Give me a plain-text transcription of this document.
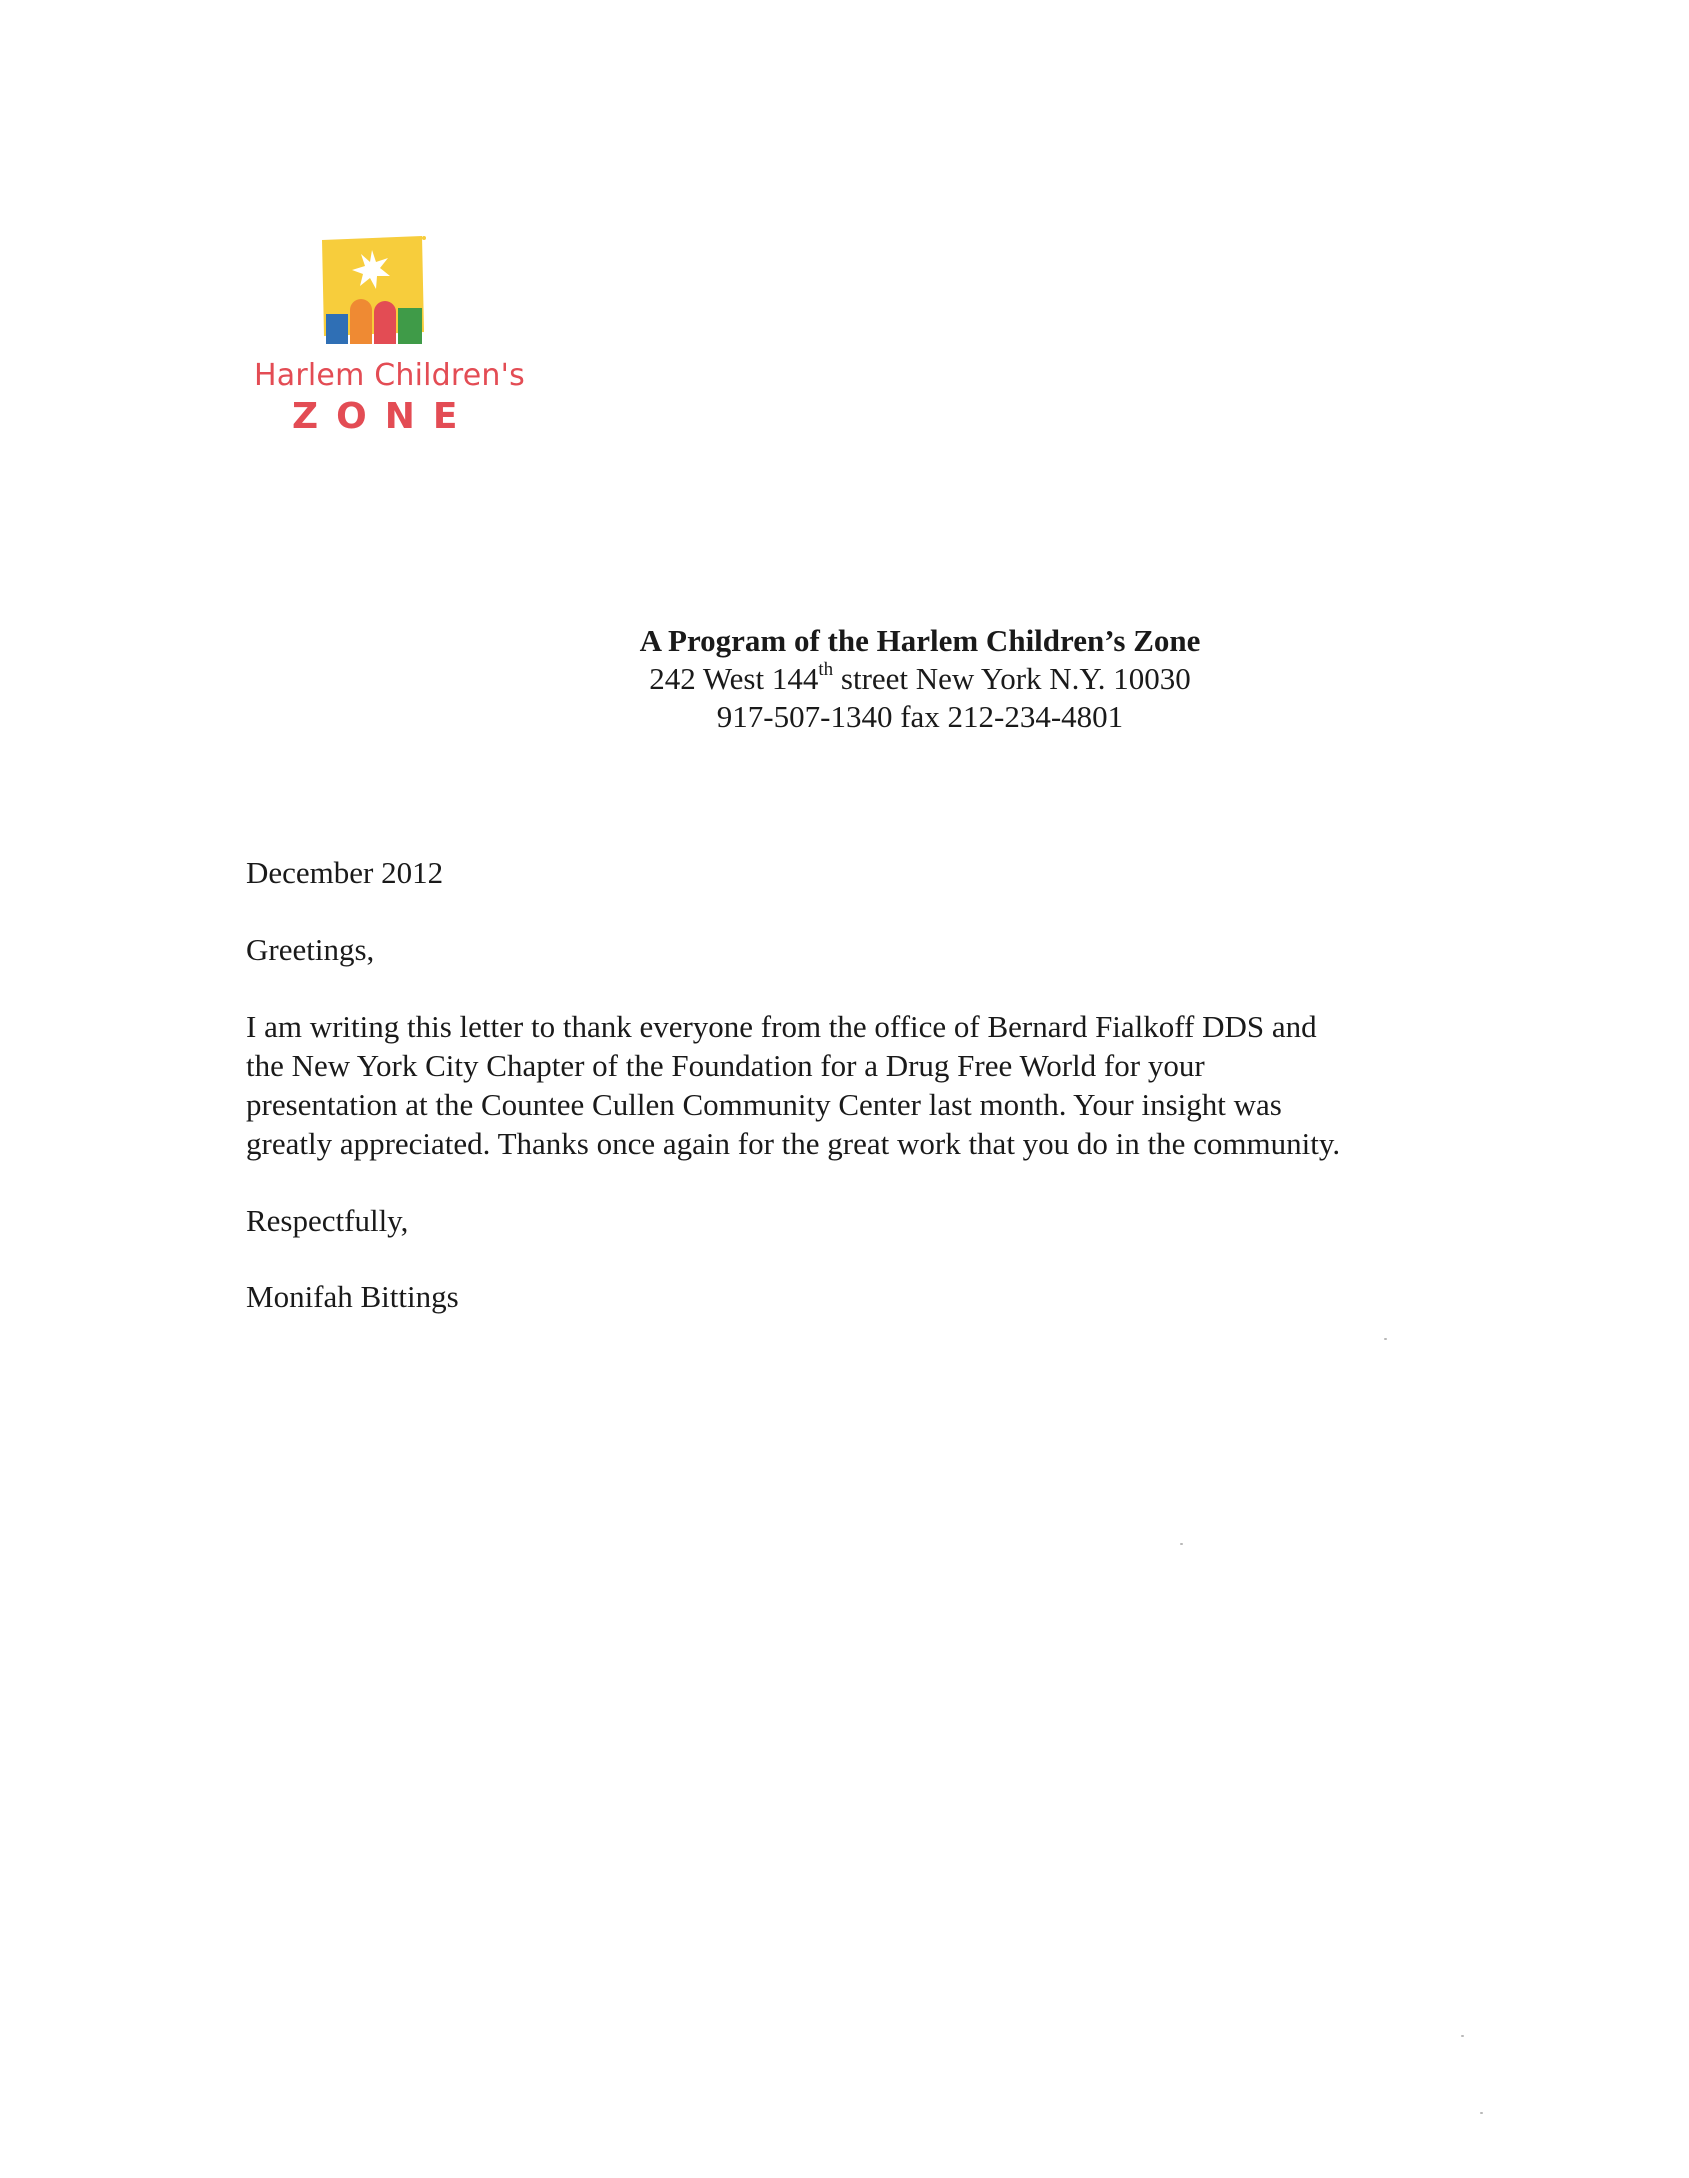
Harlem Children's
ZONE
A Program of the Harlem Children’s Zone
242 West 144th street New York N.Y. 10030
917-507-1340 fax 212-234-4801

December 2012

Greetings,

I am writing this letter to thank everyone from the office of Bernard Fialkoff DDS and
the New York City Chapter of the Foundation for a Drug Free World for your
presentation at the Countee Cullen Community Center last month. Your insight was
greatly appreciated. Thanks once again for the great work that you do in the community.

Respectfully,

Monifah Bittings
